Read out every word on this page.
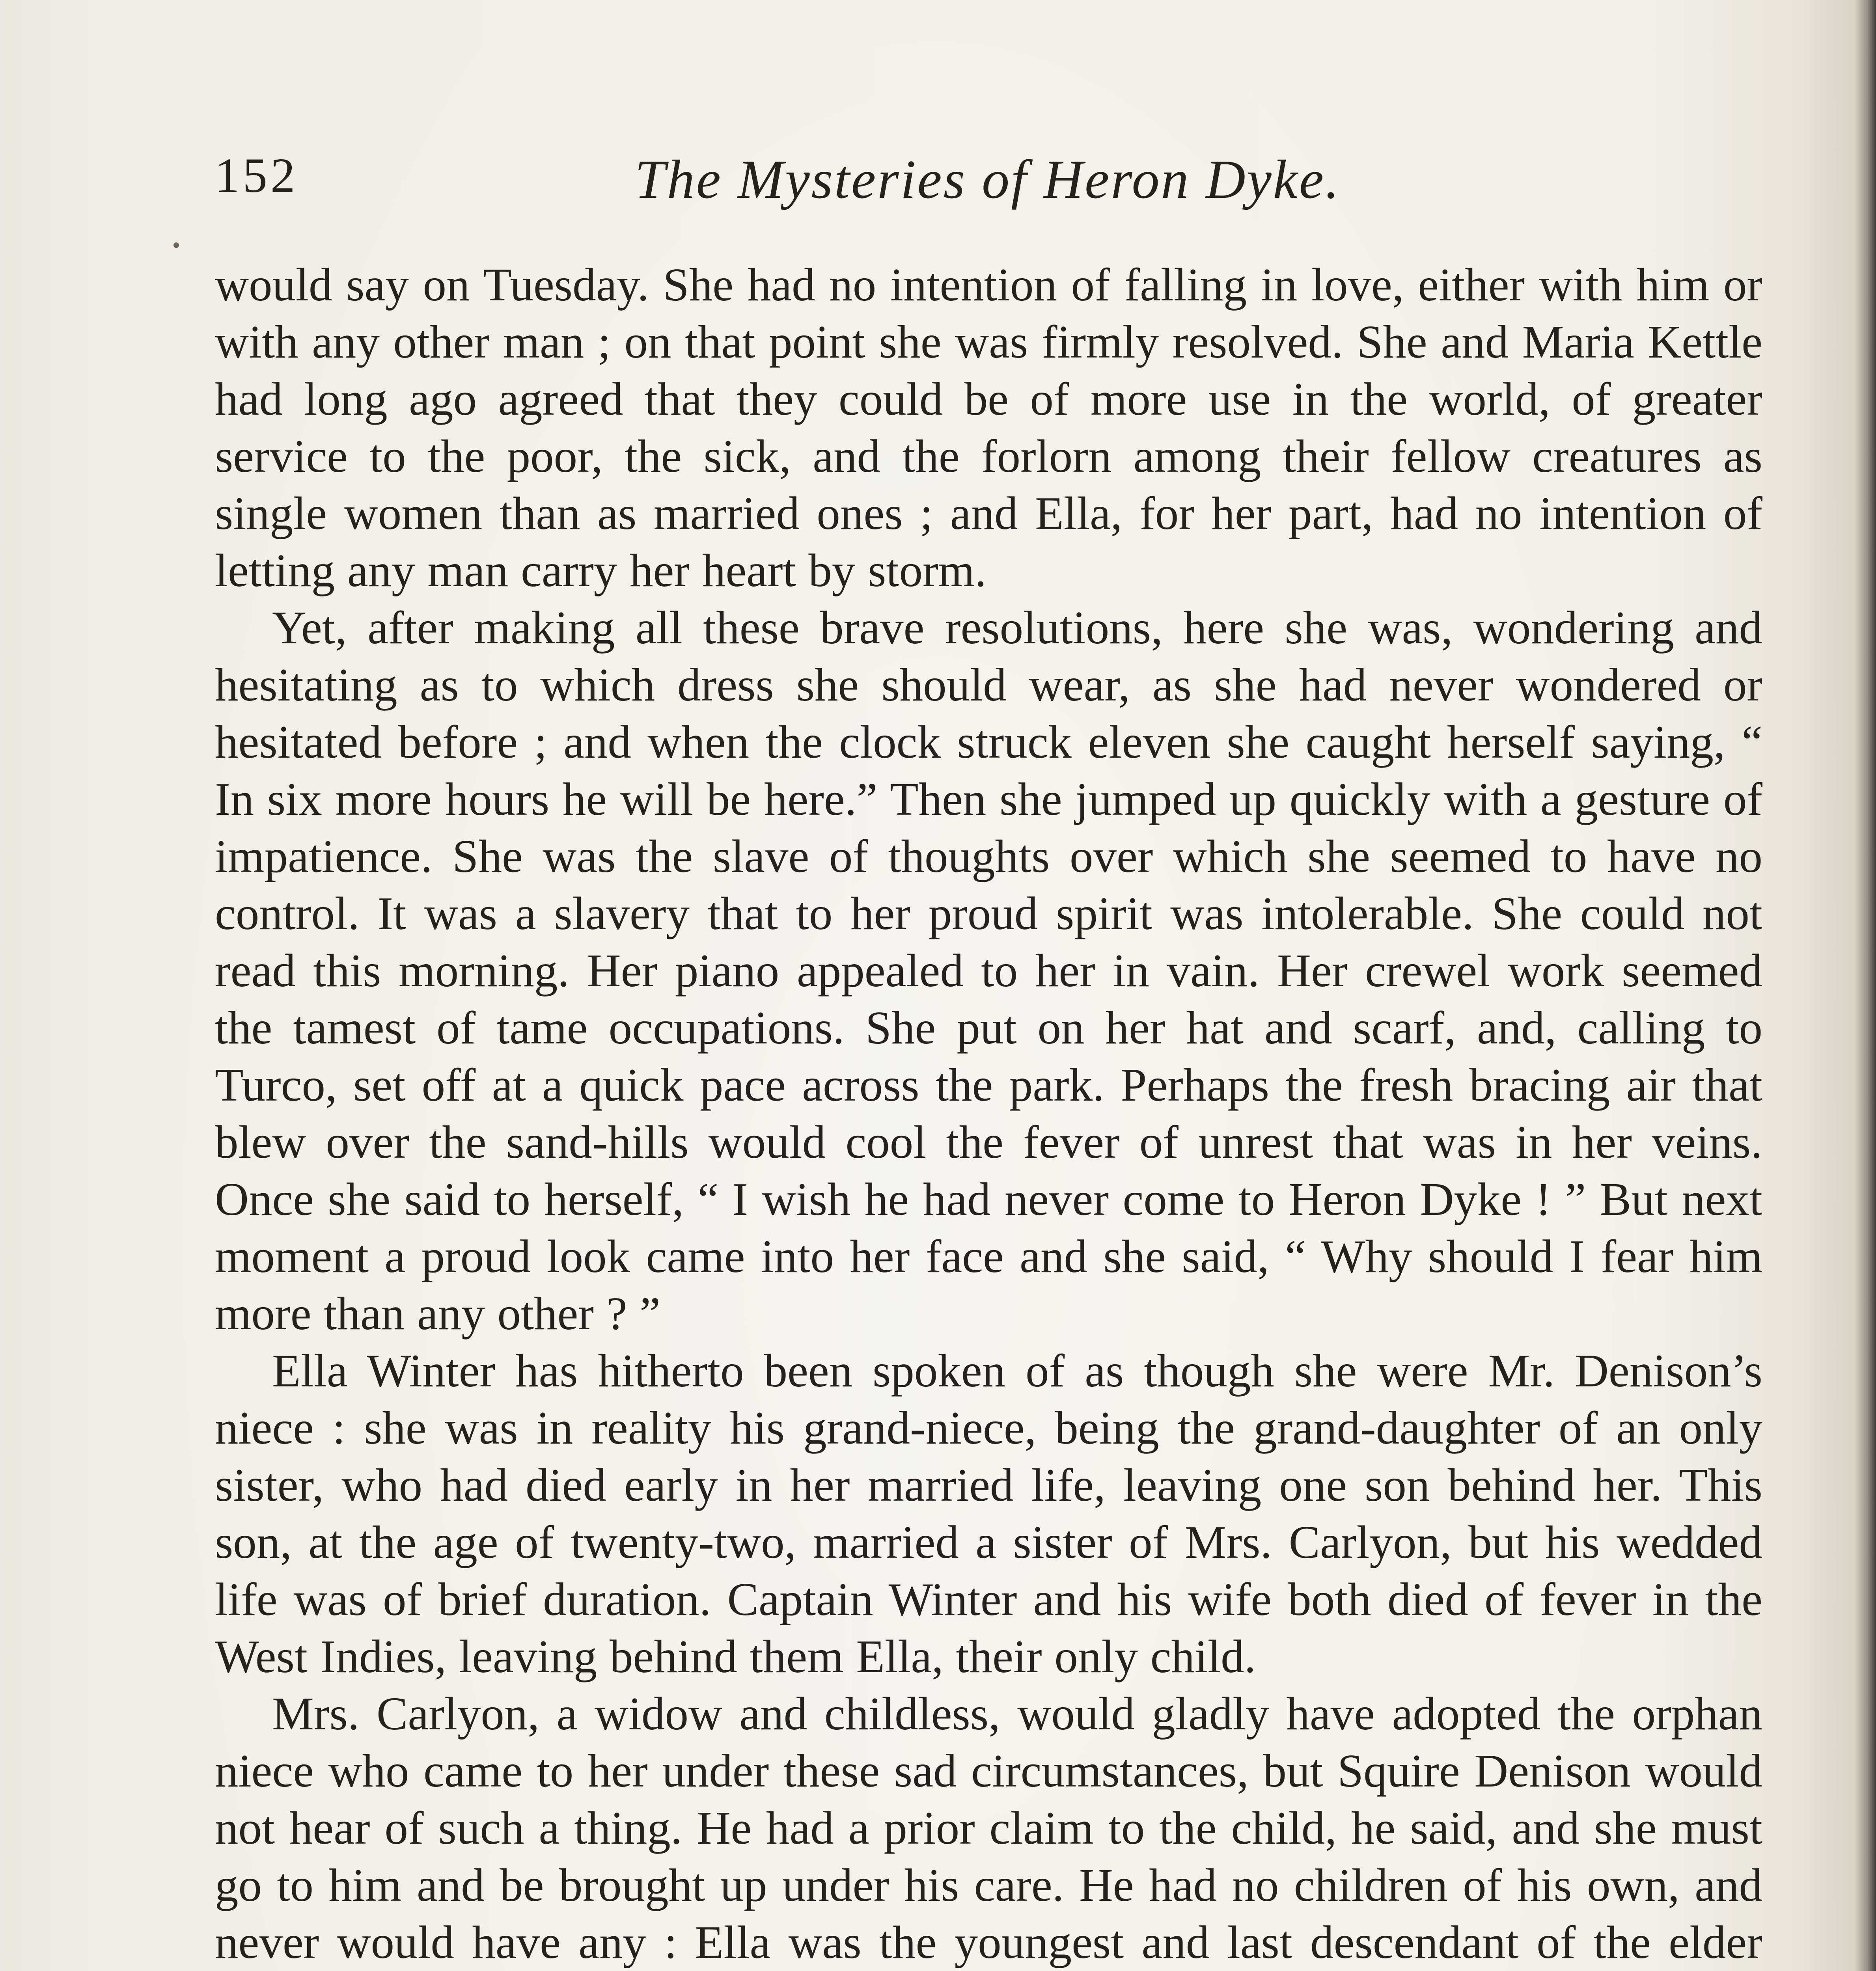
152	The Mysteries of Heron Dyke.

would say on Tuesday. She had no intention of falling in love, either with him or with any other man ; on that point she was firmly resolved. She and Maria Kettle had long ago agreed that they could be of more use in the world, of greater service to the poor, the sick, and the forlorn among their fellow creatures as single women than as married ones ; and Ella, for her part, had no intention of letting any man carry her heart by storm.

Yet, after making all these brave resolutions, here she was, wondering and hesitating as to which dress she should wear, as she had never wondered or hesitated before ; and when the clock struck eleven she caught herself saying, “ In six more hours he will be here.” Then she jumped up quickly with a gesture of impatience. She was the slave of thoughts over which she seemed to have no control. It was a slavery that to her proud spirit was intolerable. She could not read this morning. Her piano appealed to her in vain. Her crewel work seemed the tamest of tame occupations. She put on her hat and scarf, and, calling to Turco, set off at a quick pace across the park. Perhaps the fresh bracing air that blew over the sand-hills would cool the fever of unrest that was in her veins. Once she said to herself, “ I wish he had never come to Heron Dyke ! ” But next moment a proud look came into her face and she said, “ Why should I fear him more than any other ? ”

Ella Winter has hitherto been spoken of as though she were Mr. Denison’s niece : she was in reality his grand-niece, being the grand-daughter of an only sister, who had died early in her married life, leaving one son behind her. This son, at the age of twenty-two, married a sister of Mrs. Carlyon, but his wedded life was of brief duration. Captain Winter and his wife both died of fever in the West Indies, leaving behind them Ella, their only child.

Mrs. Carlyon, a widow and childless, would gladly have adopted the orphan niece who came to her under these sad circumstances, but Squire Denison would not hear of such a thing. He had a prior claim to the child, he said, and she must go to him and be brought up under his care. He had no children of his own, and never would have any : Ella was the youngest and last descendant of the elder
